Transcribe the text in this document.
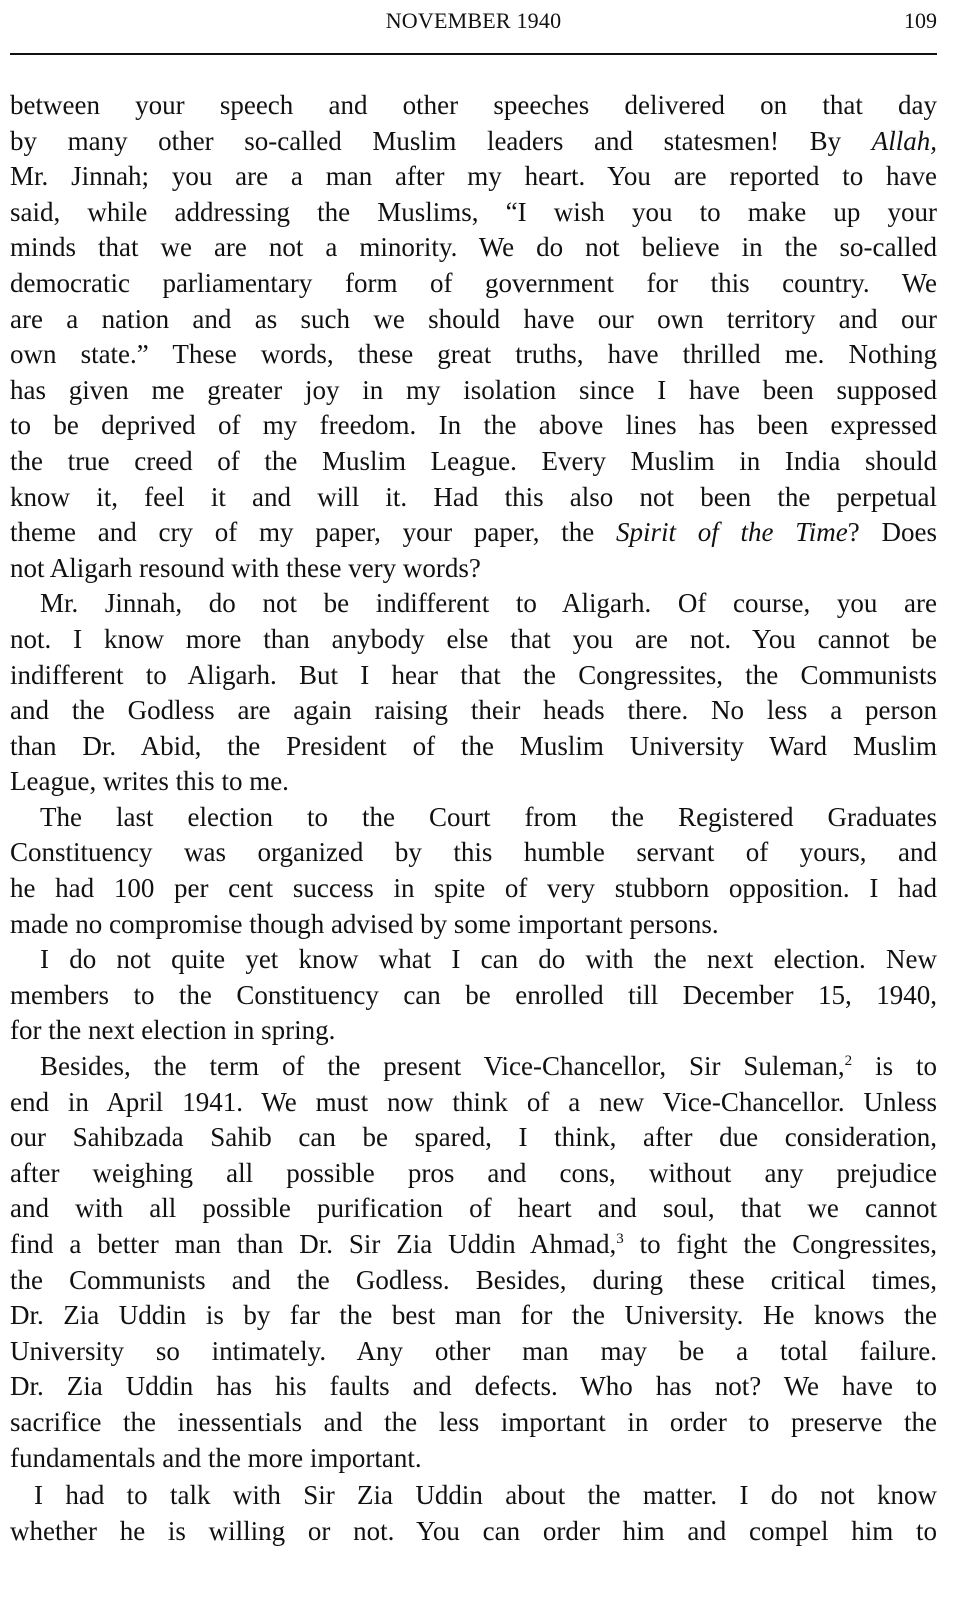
NOVEMBER 1940	109

between your speech and other speeches delivered on that day
by many other so-called Muslim leaders and statesmen! By Allah,
Mr. Jinnah; you are a man after my heart. You are reported to have
said, while addressing the Muslims, “I wish you to make up your
minds that we are not a minority. We do not believe in the so-called
democratic parliamentary form of government for this country. We
are a nation and as such we should have our own territory and our
own state.” These words, these great truths, have thrilled me. Nothing
has given me greater joy in my isolation since I have been supposed
to be deprived of my freedom. In the above lines has been expressed
the true creed of the Muslim League. Every Muslim in India should
know it, feel it and will it. Had this also not been the perpetual
theme and cry of my paper, your paper, the Spirit of the Time? Does
not Aligarh resound with these very words?

Mr. Jinnah, do not be indifferent to Aligarh. Of course, you are
not. I know more than anybody else that you are not. You cannot be
indifferent to Aligarh. But I hear that the Congressites, the Communists
and the Godless are again raising their heads there. No less a person
than Dr. Abid, the President of the Muslim University Ward Muslim
League, writes this to me.

The last election to the Court from the Registered Graduates
Constituency was organized by this humble servant of yours, and
he had 100 per cent success in spite of very stubborn opposition. I had
made no compromise though advised by some important persons.

I do not quite yet know what I can do with the next election. New
members to the Constituency can be enrolled till December 15, 1940,
for the next election in spring.

Besides, the term of the present Vice-Chancellor, Sir Suleman,$^2$ is to
end in April 1941. We must now think of a new Vice-Chancellor. Unless
our Sahibzada Sahib can be spared, I think, after due consideration,
after weighing all possible pros and cons, without any prejudice
and with all possible purification of heart and soul, that we cannot
find a better man than Dr. Sir Zia Uddin Ahmad,$^3$ to fight the Congressites,
the Communists and the Godless. Besides, during these critical times,
Dr. Zia Uddin is by far the best man for the University. He knows the
University so intimately. Any other man may be a total failure.
Dr. Zia Uddin has his faults and defects. Who has not? We have to
sacrifice the inessentials and the less important in order to preserve the
fundamentals and the more important.

I had to talk with Sir Zia Uddin about the matter. I do not know
whether he is willing or not. You can order him and compel him to
